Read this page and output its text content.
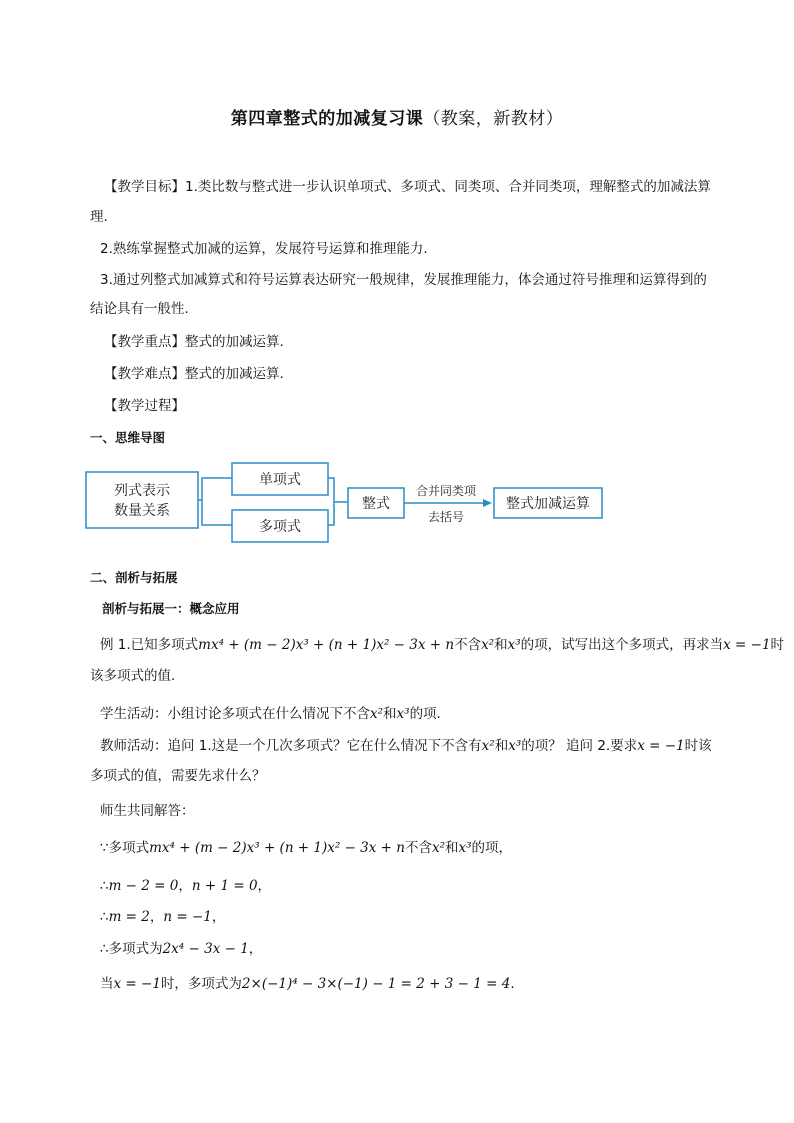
第四章整式的加减复习课（教案，新教材）
【教学目标】1.类比数与整式进一步认识单项式、多项式、同类项、合并同类项，理解整式的加减法算
理.
2.熟练掌握整式加减的运算，发展符号运算和推理能力.
3.通过列整式加减算式和符号运算表达研究一般规律，发展推理能力，体会通过符号推理和运算得到的
结论具有一般性.
【教学重点】整式的加减运算.
【教学难点】整式的加减运算.
【教学过程】
一、思维导图
列式表示
数量关系
单项式
多项式
整式
合并同类项
去括号
整式加减运算
二、剖析与拓展
剖析与拓展一：概念应用
例 1.已知多项式mx⁴ + (m − 2)x³ + (n + 1)x² − 3x + n不含x²和x³的项，试写出这个多项式，再求当x = −1时
该多项式的值.
学生活动：小组讨论多项式在什么情况下不含x²和x³的项.
教师活动：追问 1.这是一个几次多项式？它在什么情况下不含有x²和x³的项？ 追问 2.要求x = −1时该
多项式的值，需要先求什么？
师生共同解答：
∵多项式mx⁴ + (m − 2)x³ + (n + 1)x² − 3x + n不含x²和x³的项，
∴m − 2 = 0，n + 1 = 0，
∴m = 2，n = −1，
∴多项式为2x⁴ − 3x − 1，
当x = −1时，多项式为2×(−1)⁴ − 3×(−1) − 1 = 2 + 3 − 1 = 4.
